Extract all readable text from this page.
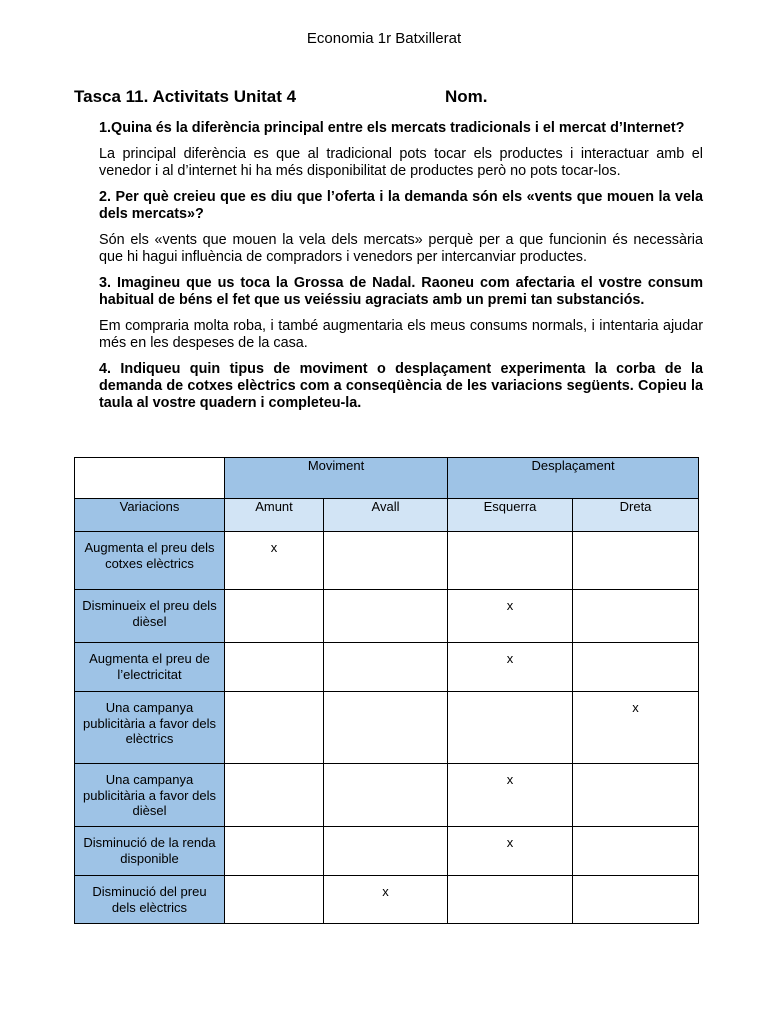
Economia 1r Batxillerat
Tasca 11. Activitats Unitat 4	Nom.

1.Quina és la diferència principal entre els mercats tradicionals i el mercat d’Internet?

La principal diferència es que al tradicional pots tocar els productes i interactuar amb el venedor i al d’internet hi ha més disponibilitat de productes però no pots tocar-los.

2. Per què creieu que es diu que l’oferta i la demanda són els «vents que mouen la vela dels mercats»?

Són els «vents que mouen la vela dels mercats» perquè per a que funcionin és necessària que hi hagui influència de compradors i venedors per intercanviar productes.

3. Imagineu que us toca la Grossa de Nadal. Raoneu com afectaria el vostre consum habitual de béns el fet que us veiéssiu agraciats amb un premi tan substanciós.

Em compraria molta roba, i també augmentaria els meus consums normals, i intentaria ajudar més en les despeses de la casa.

4. Indiqueu quin tipus de moviment o desplaçament experimenta la corba de la demanda de cotxes elèctrics com a conseqüència de les variacions següents. Copieu la taula al vostre quadern i completeu-la.

	Moviment		Desplaçament	
Variacions	Amunt	Avall	Esquerra	Dreta

Augmenta el preu dels cotxes elèctrics	x			

Disminueix el preu dels dièsel			x	

Augmenta el preu de l’electricitat			x	

Una campanya publicitària a favor dels elèctrics				x

Una campanya publicitària a favor dels dièsel			x	

Disminució de la renda disponible			x	

Disminució del preu dels elèctrics		x		
